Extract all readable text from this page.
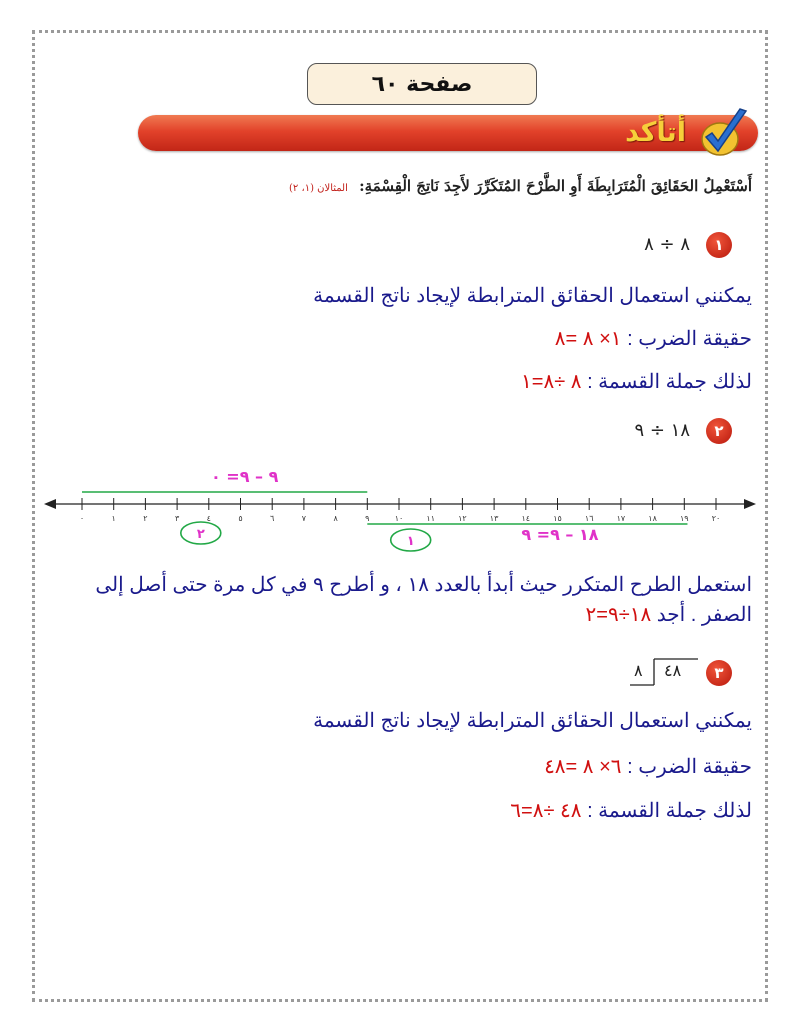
صفحة ٦٠
أتأكد
أَسْتَعْمِلُ الحَقَائِقَ الْمُتَرَابِطَةَ أَوِ الطَّرْحَ المُتَكَرِّرَ لأَجِدَ نَاتِجَ الْقِسْمَةِ: المثالان (١، ٢)
١
٨ ÷ ٨
يمكنني استعمال الحقائق المترابطة لإيجاد ناتج القسمة
حقيقة الضرب : ١× ٨ =٨
لذلك جملة القسمة : ٨ ÷٨=١
٢
١٨ ÷ ٩
٠	١	٢	٣	٤	٥	٦	٧	٨	٩	١٠	١١	١٢	١٣	١٤	١٥	١٦	١٧	١٨	١٩	٢٠
٩ – ٩= ٠
١٨ – ٩= ٩
٢	١
استعمل الطرح المتكرر حيث أبدأ بالعدد ١٨ ، و أطرح ٩ في كل مرة حتى أصل إلى
الصفر . أجد ١٨÷٩=٢
٣
٨ ٤٨
يمكنني استعمال الحقائق المترابطة لإيجاد ناتج القسمة
حقيقة الضرب : ٦× ٨ =٤٨
لذلك جملة القسمة : ٤٨ ÷٨=٦
